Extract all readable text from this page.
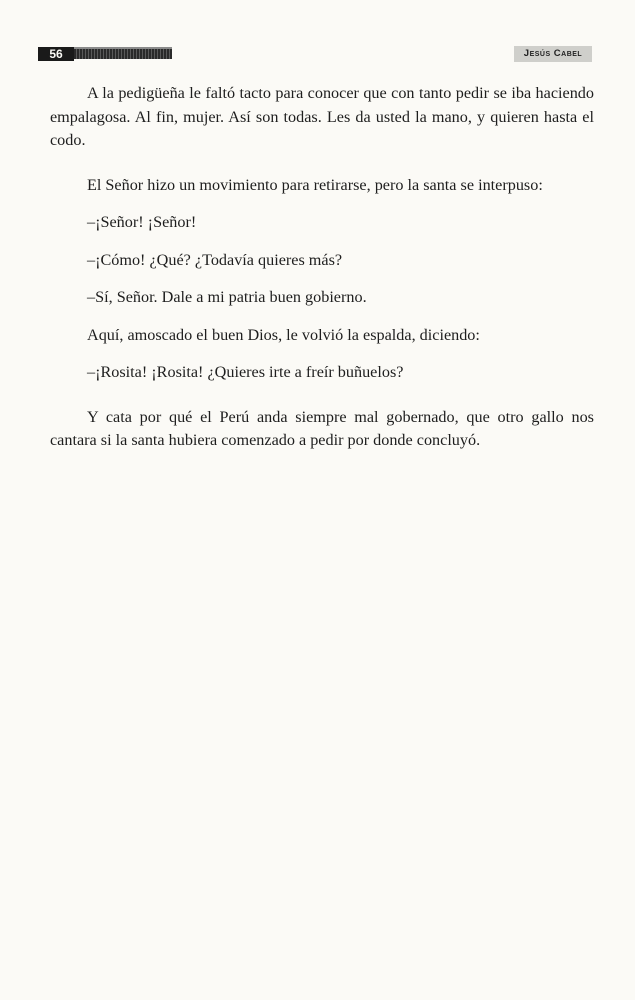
56	Jesús Cabel

A la pedigüeña le faltó tacto para conocer que con tanto pedir se iba haciendo empalagosa. Al fin, mujer. Así son todas. Les da usted la mano, y quieren hasta el codo.

El Señor hizo un movimiento para retirarse, pero la santa se interpuso:

–¡Señor! ¡Señor!

–¡Cómo! ¿Qué? ¿Todavía quieres más?

–Sí, Señor. Dale a mi patria buen gobierno.

Aquí, amoscado el buen Dios, le volvió la espalda, diciendo:

–¡Rosita! ¡Rosita! ¿Quieres irte a freír buñuelos?

Y cata por qué el Perú anda siempre mal gobernado, que otro gallo nos cantara si la santa hubiera comenzado a pedir por donde concluyó.
